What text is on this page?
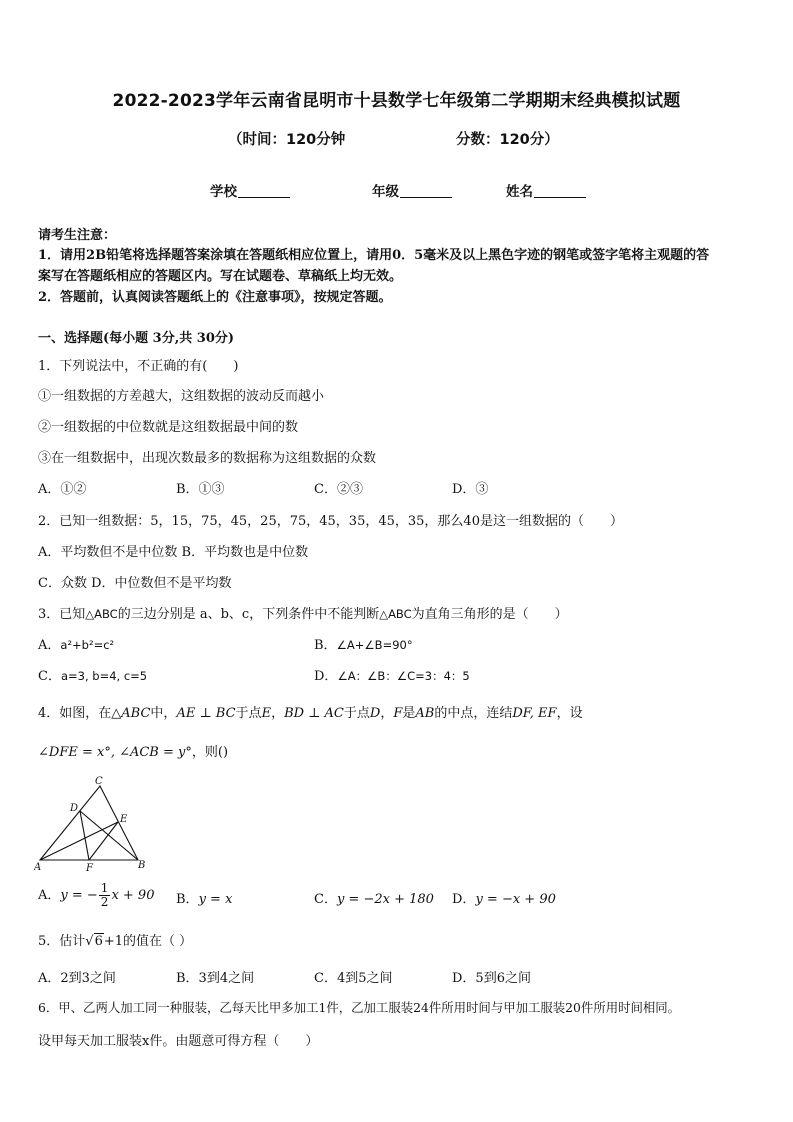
2022-2023学年云南省昆明市十县数学七年级第二学期期末经典模拟试题
（时间：120分钟	分数：120分）
学校	年级	姓名
请考生注意：
1．请用2B铅笔将选择题答案涂填在答题纸相应位置上，请用0．5毫米及以上黑色字迹的钢笔或签字笔将主观题的答
案写在答题纸相应的答题区内。写在试题卷、草稿纸上均无效。
2．答题前，认真阅读答题纸上的《注意事项》，按规定答题。
一、选择题(每小题 3分,共 30分)
1．下列说法中，不正确的有(　　)
①一组数据的方差越大，这组数据的波动反而越小
②一组数据的中位数就是这组数据最中间的数
③在一组数据中，出现次数最多的数据称为这组数据的众数
A．①②	B．①③	C．②③	D．③
2．已知一组数据：5，15，75，45，25，75，45，35，45，35，那么40是这一组数据的（　　）
A．平均数但不是中位数 B．平均数也是中位数
C．众数 D．中位数但不是平均数
3．已知△ABC的三边分别是 a、b、c，下列条件中不能判断△ABC为直角三角形的是（　　）
A．a²+b²=c²	B．∠A+∠B=90°
C．a=3, b=4, c=5	D．∠A：∠B：∠C=3：4：5
4．如图，在△ABC中，AE ⊥ BC于点E，BD ⊥ AC于点D，F是AB的中点，连结DF, EF，设
∠DFE = x°, ∠ACB = y°，则()
C
D
E
A	F	B
A．y = − $\frac{1}{2}$ x + 90 B．y = x	C．y = −2x + 180 D．y = −x + 90
5．估计√6+1的值在（ ）
A．2到3之间	B．3到4之间	C．4到5之间	D．5到6之间
6．甲、乙两人加工同一种服装，乙每天比甲多加工1件，乙加工服装24件所用时间与甲加工服装20件所用时间相同。
设甲每天加工服装x件。由题意可得方程（　　）
